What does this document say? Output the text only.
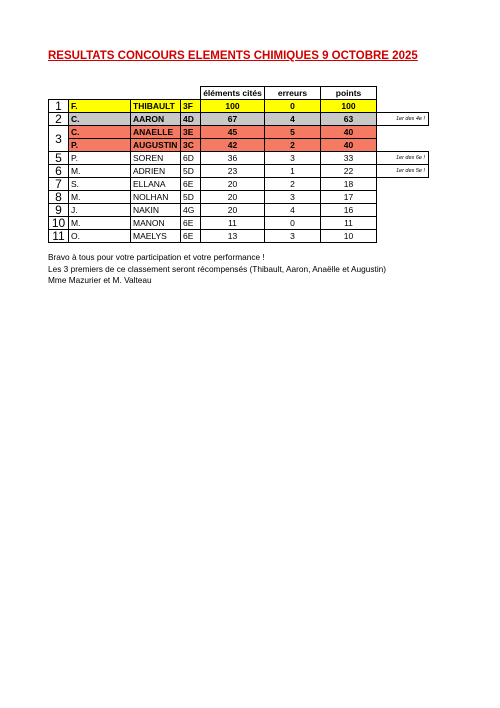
RESULTATS CONCOURS ELEMENTS CHIMIQUES 9 OCTOBRE 2025
				éléments cités	erreurs	points	
1	F.	THIBAULT	3F	100	0	100	
2	C.	AARON	4D	67	4	63	1er des 4e !
3	C.	ANAELLE	3E	45	5	40	
	P.	AUGUSTIN	3C	42	2	40	
5	P.	SOREN	6D	36	3	33	1er des 6e !
6	M.	ADRIEN	5D	23	1	22	1er des 5e !
7	S.	ELLANA	6E	20	2	18	
8	M.	NOLHAN	5D	20	3	17	
9	J.	NAKIN	4G	20	4	16	
10	M.	MANON	6E	11	0	11	
11	O.	MAELYS	6E	13	3	10	
Bravo à tous pour votre participation et votre performance !
Les 3 premiers de ce classement seront récompensés (Thibault, Aaron, Anaëlle et Augustin)
Mme Mazurier et M. Valteau
